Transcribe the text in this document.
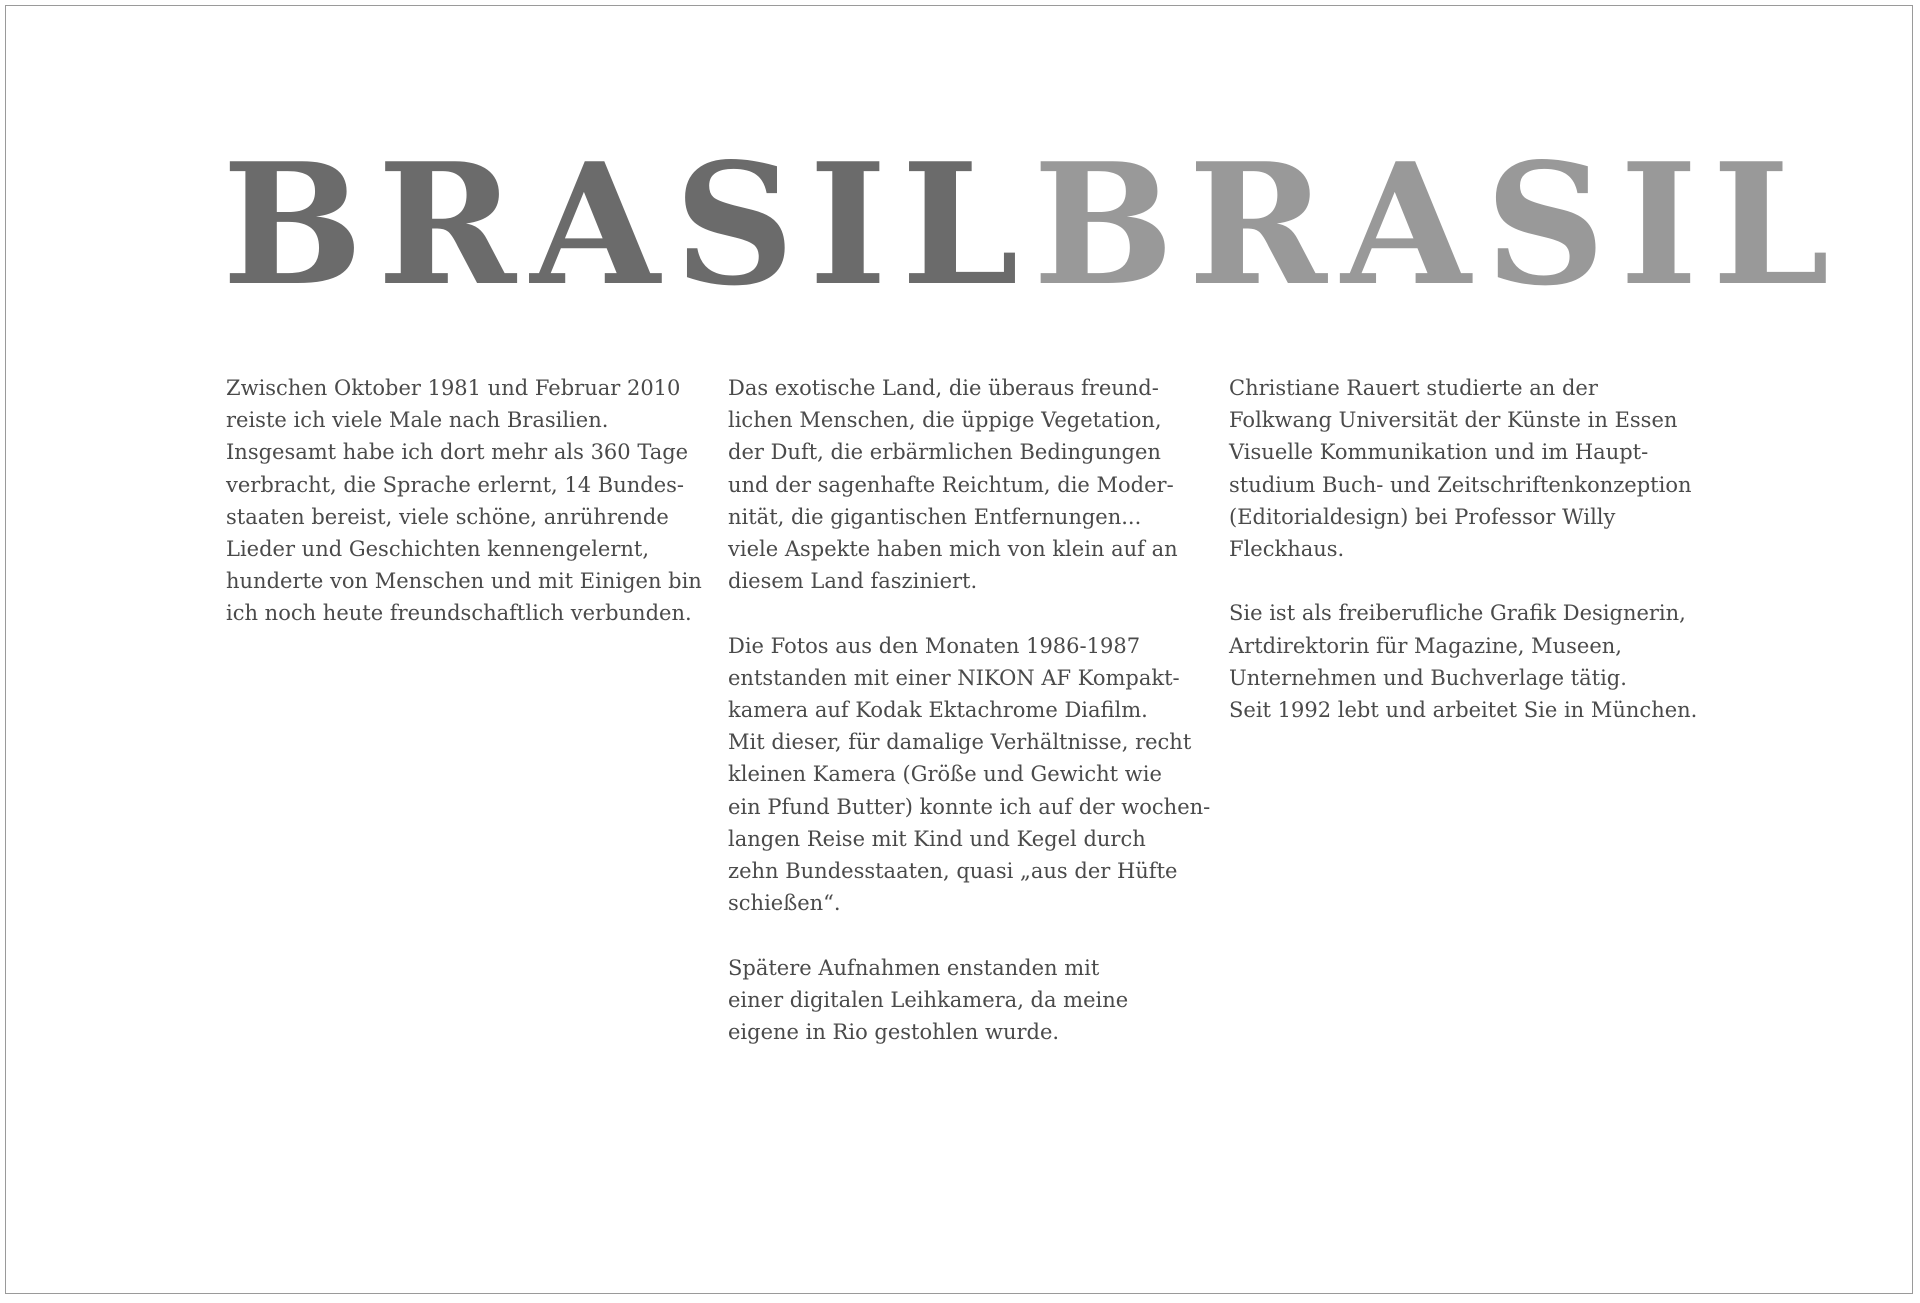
BRASIL BRASIL

Zwischen Oktober 1981 und Februar 2010
reiste ich viele Male nach Brasilien.
Insgesamt habe ich dort mehr als 360 Tage
verbracht, die Sprache erlernt, 14 Bundes-
staaten bereist, viele schöne, anrührende
Lieder und Geschichten kennengelernt,
hunderte von Menschen und mit Einigen bin
ich noch heute freundschaftlich verbunden.

Das exotische Land, die überaus freund-
lichen Menschen, die üppige Vegetation,
der Duft, die erbärmlichen Bedingungen
und der sagenhafte Reichtum, die Moder-
nität, die gigantischen Entfernungen...
viele Aspekte haben mich von klein auf an
diesem Land fasziniert.

Die Fotos aus den Monaten 1986-1987
entstanden mit einer NIKON AF Kompakt-
kamera auf Kodak Ektachrome Diafilm.
Mit dieser, für damalige Verhältnisse, recht
kleinen Kamera (Größe und Gewicht wie
ein Pfund Butter) konnte ich auf der wochen-
langen Reise mit Kind und Kegel durch
zehn Bundesstaaten, quasi „aus der Hüfte
schießen“.

Spätere Aufnahmen enstanden mit
einer digitalen Leihkamera, da meine
eigene in Rio gestohlen wurde.

Christiane Rauert studierte an der
Folkwang Universität der Künste in Essen
Visuelle Kommunikation und im Haupt-
studium Buch- und Zeitschriftenkonzeption
(Editorialdesign) bei Professor Willy
Fleckhaus.

Sie ist als freiberufliche Grafik Designerin,
Artdirektorin für Magazine, Museen,
Unternehmen und Buchverlage tätig.
Seit 1992 lebt und arbeitet Sie in München.
